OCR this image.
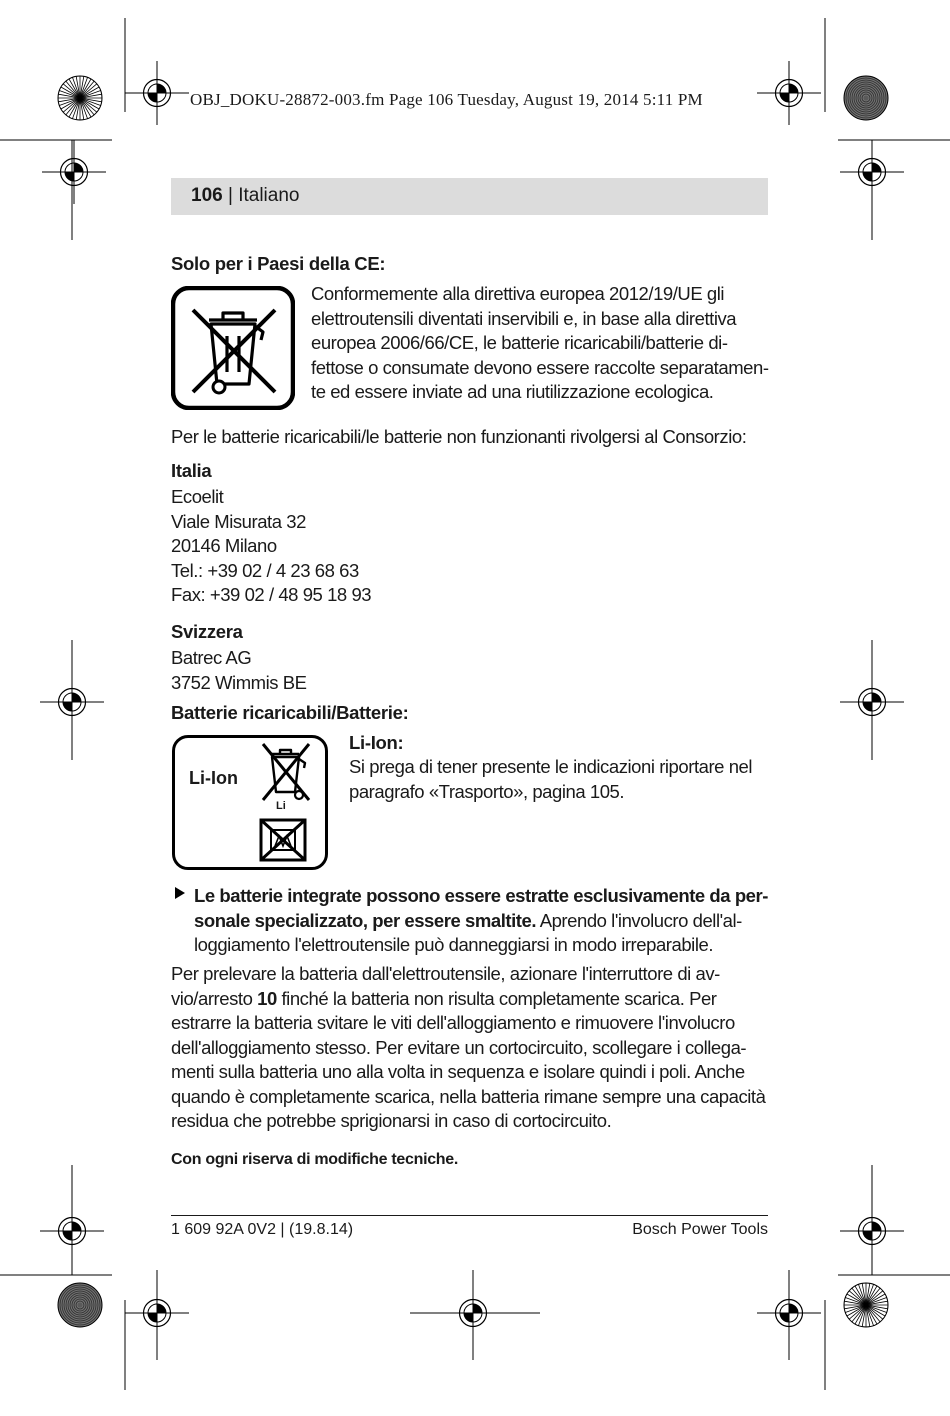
OBJ_DOKU-28872-003.fm Page 106 Tuesday, August 19, 2014 5:11 PM
106 | Italiano
Solo per i Paesi della CE:
Conformemente alla direttiva europea 2012/19/UE gli
elettroutensili diventati inservibili e, in base alla direttiva
europea 2006/66/CE, le batterie ricaricabili/batterie di-
fettose o consumate devono essere raccolte separatamen-
te ed essere inviate ad una riutilizzazione ecologica.
Per le batterie ricaricabili/le batterie non funzionanti rivolgersi al Consorzio:
Italia
Ecoelit
Viale Misurata 32
20146 Milano
Tel.: +39 02 / 4 23 68 63
Fax: +39 02 / 48 95 18 93
Svizzera
Batrec AG
3752 Wimmis BE
Batterie ricaricabili/Batterie:
Li-Ion
Li
Li-Ion:
Si prega di tener presente le indicazioni riportare nel
paragrafo «Trasporto», pagina 105.
Le batterie integrate possono essere estratte esclusivamente da per-
sonale specializzato, per essere smaltite. Aprendo l'involucro dell'al-
loggiamento l'elettroutensile può danneggiarsi in modo irreparabile.
Per prelevare la batteria dall'elettroutensile, azionare l'interruttore di av-
vio/arresto 10 finché la batteria non risulta completamente scarica. Per
estrarre la batteria svitare le viti dell'alloggiamento e rimuovere l'involucro
dell'alloggiamento stesso. Per evitare un cortocircuito, scollegare i collega-
menti sulla batteria uno alla volta in sequenza e isolare quindi i poli. Anche
quando è completamente scarica, nella batteria rimane sempre una capacità
residua che potrebbe sprigionarsi in caso di cortocircuito.
Con ogni riserva di modifiche tecniche.
1 609 92A 0V2 | (19.8.14)	Bosch Power Tools
